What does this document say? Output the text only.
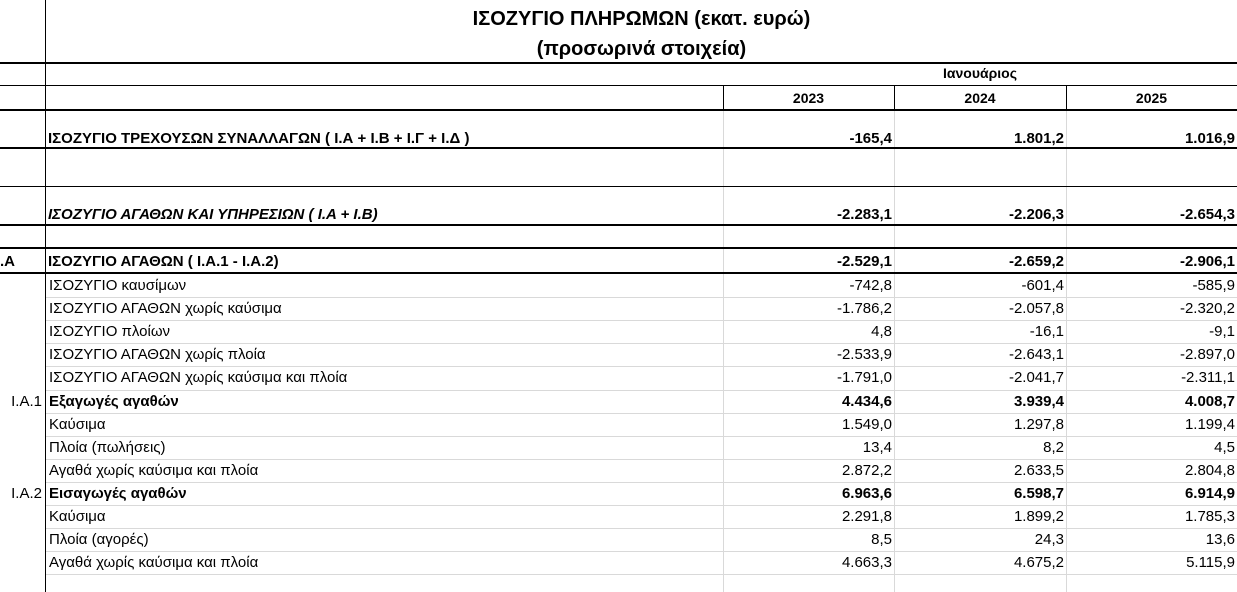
ΙΣΟΖΥΓΙΟ ΠΛΗΡΩΜΩΝ (εκατ. ευρώ)
(προσωρινά στοιχεία)
Ιανουάριος
2023	2024	2025
ΙΣΟΖΥΓΙΟ ΤΡΕΧΟΥΣΩΝ ΣΥΝΑΛΛΑΓΩΝ ( Ι.Α + Ι.Β + Ι.Γ + Ι.Δ )	-165,4	1.801,2	1.016,9
ΙΣΟΖΥΓΙΟ ΑΓΑΘΩΝ ΚΑΙ ΥΠΗΡΕΣΙΩΝ ( Ι.Α + Ι.Β)	-2.283,1	-2.206,3	-2.654,3
.Α ΙΣΟΖΥΓΙΟ ΑΓΑΘΩΝ ( Ι.Α.1 - Ι.Α.2)	-2.529,1	-2.659,2	-2.906,1
ΙΣΟΖΥΓΙΟ καυσίμων	-742,8	-601,4	-585,9
ΙΣΟΖΥΓΙΟ ΑΓΑΘΩΝ χωρίς καύσιμα	-1.786,2	-2.057,8	-2.320,2
ΙΣΟΖΥΓΙΟ πλοίων	4,8	-16,1	-9,1
ΙΣΟΖΥΓΙΟ ΑΓΑΘΩΝ χωρίς πλοία	-2.533,9	-2.643,1	-2.897,0
ΙΣΟΖΥΓΙΟ ΑΓΑΘΩΝ χωρίς καύσιμα και πλοία	-1.791,0	-2.041,7	-2.311,1
Ι.Α.1 Εξαγωγές αγαθών	4.434,6	3.939,4	4.008,7
Καύσιμα	1.549,0	1.297,8	1.199,4
Πλοία (πωλήσεις)	13,4	8,2	4,5
Αγαθά χωρίς καύσιμα και πλοία	2.872,2	2.633,5	2.804,8
Ι.Α.2 Εισαγωγές αγαθών	6.963,6	6.598,7	6.914,9
Καύσιμα	2.291,8	1.899,2	1.785,3
Πλοία (αγορές)	8,5	24,3	13,6
Αγαθά χωρίς καύσιμα και πλοία	4.663,3	4.675,2	5.115,9
